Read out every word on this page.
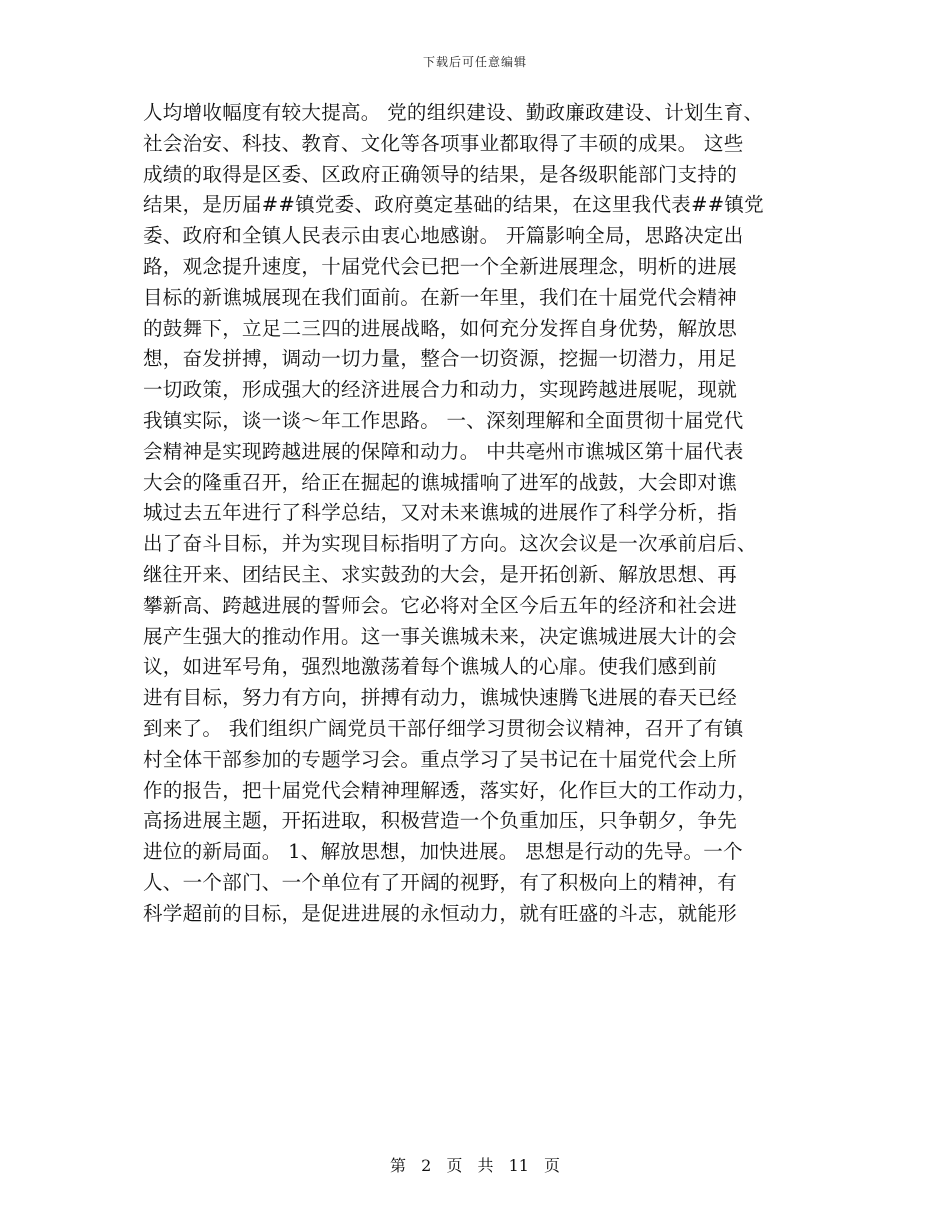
下载后可任意编辑
人均增收幅度有较大提高。 党的组织建设、勤政廉政建设、计划生育、
社会治安、科技、教育、文化等各项事业都取得了丰硕的成果。 这些
成绩的取得是区委、区政府正确领导的结果，是各级职能部门支持的
结果，是历届##镇党委、政府奠定基础的结果，在这里我代表##镇党
委、政府和全镇人民表示由衷心地感谢。 开篇影响全局，思路决定出
路，观念提升速度，十届党代会已把一个全新进展理念，明析的进展
目标的新谯城展现在我们面前。在新一年里，我们在十届党代会精神
的鼓舞下，立足二三四的进展战略，如何充分发挥自身优势，解放思
想，奋发拼搏，调动一切力量，整合一切资源，挖掘一切潜力，用足
一切政策，形成强大的经济进展合力和动力，实现跨越进展呢，现就
我镇实际，谈一谈～年工作思路。 一、深刻理解和全面贯彻十届党代
会精神是实现跨越进展的保障和动力。 中共亳州市谯城区第十届代表
大会的隆重召开，给正在掘起的谯城擂响了进军的战鼓，大会即对谯
城过去五年进行了科学总结，又对未来谯城的进展作了科学分析，指
出了奋斗目标，并为实现目标指明了方向。这次会议是一次承前启后、
继往开来、团结民主、求实鼓劲的大会，是开拓创新、解放思想、再
攀新高、跨越进展的誓师会。它必将对全区今后五年的经济和社会进
展产生强大的推动作用。这一事关谯城未来，决定谯城进展大计的会
议，如进军号角，强烈地激荡着每个谯城人的心扉。使我们感到前
进有目标，努力有方向，拼搏有动力，谯城快速腾飞进展的春天已经
到来了。 我们组织广阔党员干部仔细学习贯彻会议精神，召开了有镇
村全体干部参加的专题学习会。重点学习了吴书记在十届党代会上所
作的报告，把十届党代会精神理解透，落实好，化作巨大的工作动力，
高扬进展主题，开拓进取，积极营造一个负重加压，只争朝夕，争先
进位的新局面。 1、解放思想，加快进展。 思想是行动的先导。一个
人、一个部门、一个单位有了开阔的视野，有了积极向上的精神，有
科学超前的目标，是促进进展的永恒动力，就有旺盛的斗志，就能形
第 2 页 共 11 页
